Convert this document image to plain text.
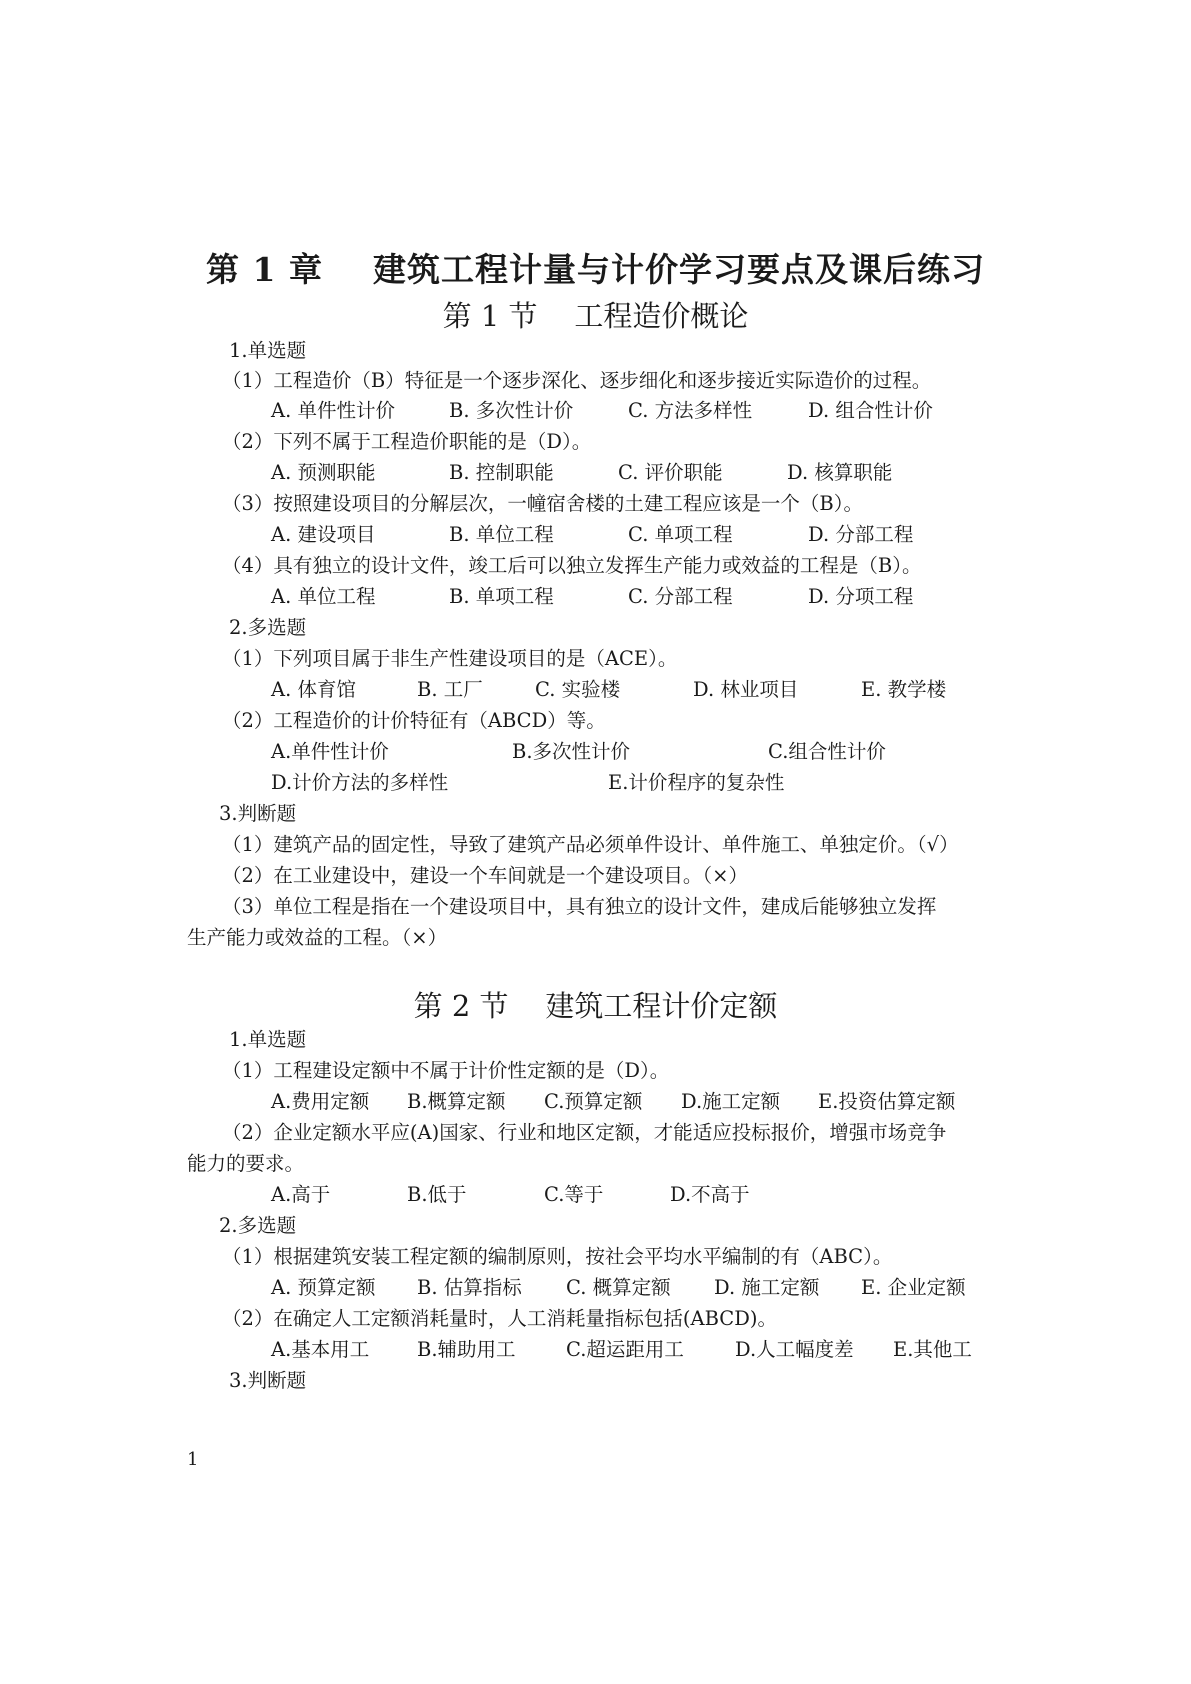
第 1 章    建筑工程计量与计价学习要点及课后练习
第 1 节    工程造价概论
1.单选题
（1）工程造价（B）特征是一个逐步深化、逐步细化和逐步接近实际造价的过程。
A. 单件性计价	B. 多次性计价	C. 方法多样性	D. 组合性计价
（2）下列不属于工程造价职能的是（D）。
A. 预测职能	B. 控制职能	C. 评价职能	D. 核算职能
（3）按照建设项目的分解层次，一幢宿舍楼的土建工程应该是一个（B）。
A. 建设项目	B. 单位工程	C. 单项工程	D. 分部工程
（4）具有独立的设计文件，竣工后可以独立发挥生产能力或效益的工程是（B）。
A. 单位工程	B. 单项工程	C. 分部工程	D. 分项工程
2.多选题
（1）下列项目属于非生产性建设项目的是（ACE）。
A. 体育馆	B. 工厂	C. 实验楼	D. 林业项目	E. 教学楼
（2）工程造价的计价特征有（ABCD）等。
A.单件性计价	B.多次性计价	C.组合性计价
D.计价方法的多样性	E.计价程序的复杂性
3.判断题
（1）建筑产品的固定性，导致了建筑产品必须单件设计、单件施工、单独定价。（√）
（2）在工业建设中，建设一个车间就是一个建设项目。（×）
（3）单位工程是指在一个建设项目中，具有独立的设计文件，建成后能够独立发挥
生产能力或效益的工程。（×）
第 2 节    建筑工程计价定额
1.单选题
（1）工程建设定额中不属于计价性定额的是（D）。
A.费用定额 B.概算定额 C.预算定额 D.施工定额 E.投资估算定额
（2）企业定额水平应(A)国家、行业和地区定额，才能适应投标报价，增强市场竞争
能力的要求。
A.高于	B.低于	C.等于	D.不高于
2.多选题
（1）根据建筑安装工程定额的编制原则，按社会平均水平编制的有（ABC）。
A. 预算定额 B. 估算指标 C. 概算定额 D. 施工定额 E. 企业定额
（2）在确定人工定额消耗量时，人工消耗量指标包括(ABCD)。
A.基本用工 B.辅助用工	C.超运距用工	D.人工幅度差 E.其他工
3.判断题
1
